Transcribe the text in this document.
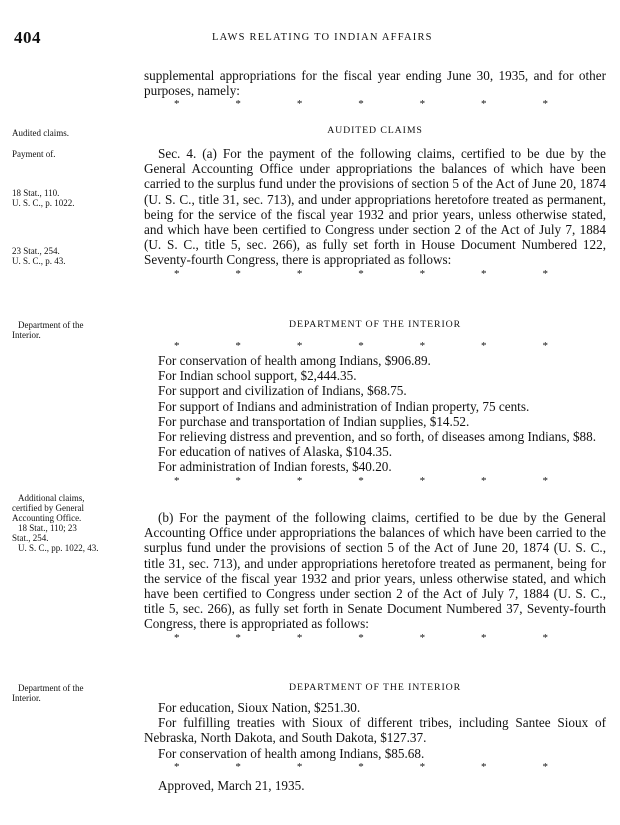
404	LAWS RELATING TO INDIAN AFFAIRS
Audited claims.
Payment of.
18 Stat., 110.
U. S. C., p. 1022.
23 Stat., 254.
U. S. C., p. 43.
Department of the
Interior.
Additional claims,
certified by General
Accounting Office.
18 Stat., 110; 23
Stat., 254.
U. S. C., pp. 1022, 43.
Department of the
Interior.

supplemental appropriations for the fiscal year ending June 30, 1935, and for other purposes, namely:

*	*	*	*	*	*	*
AUDITED CLAIMS

Sec. 4. (a) For the payment of the following claims, certified to be due by the General Accounting Office under appropriations the balances of which have been carried to the surplus fund under the provisions of section 5 of the Act of June 20, 1874 (U. S. C., title 31, sec. 713), and under appropriations heretofore treated as permanent, being for the service of the fiscal year 1932 and prior years, unless otherwise stated, and which have been certified to Congress under section 2 of the Act of July 7, 1884 (U. S. C., title 5, sec. 266), as fully set forth in House Document Numbered 122, Seventy-fourth Congress, there is appropriated as follows:

*	*	*	*	*	*	*
DEPARTMENT OF THE INTERIOR
*	*	*	*	*	*	*

For conservation of health among Indians, $906.89.

For Indian school support, $2,444.35.

For support and civilization of Indians, $68.75.

For support of Indians and administration of Indian property, 75 cents.

For purchase and transportation of Indian supplies, $14.52.

For relieving distress and prevention, and so forth, of diseases among Indians, $88.

For education of natives of Alaska, $104.35.

For administration of Indian forests, $40.20.

*	*	*	*	*	*	*

(b) For the payment of the following claims, certified to be due by the General Accounting Office under appropriations the balances of which have been carried to the surplus fund under the provisions of section 5 of the Act of June 20, 1874 (U. S. C., title 31, sec. 713), and under appropriations heretofore treated as permanent, being for the service of the fiscal year 1932 and prior years, unless otherwise stated, and which have been certified to Congress under section 2 of the Act of July 7, 1884 (U. S. C., title 5, sec. 266), as fully set forth in Senate Document Numbered 37, Seventy-fourth Congress, there is appropriated as follows:

*	*	*	*	*	*	*
DEPARTMENT OF THE INTERIOR

For education, Sioux Nation, $251.30.

For fulfilling treaties with Sioux of different tribes, including Santee Sioux of Nebraska, North Dakota, and South Dakota, $127.37.

For conservation of health among Indians, $85.68.

*	*	*	*	*	*	*

Approved, March 21, 1935.
